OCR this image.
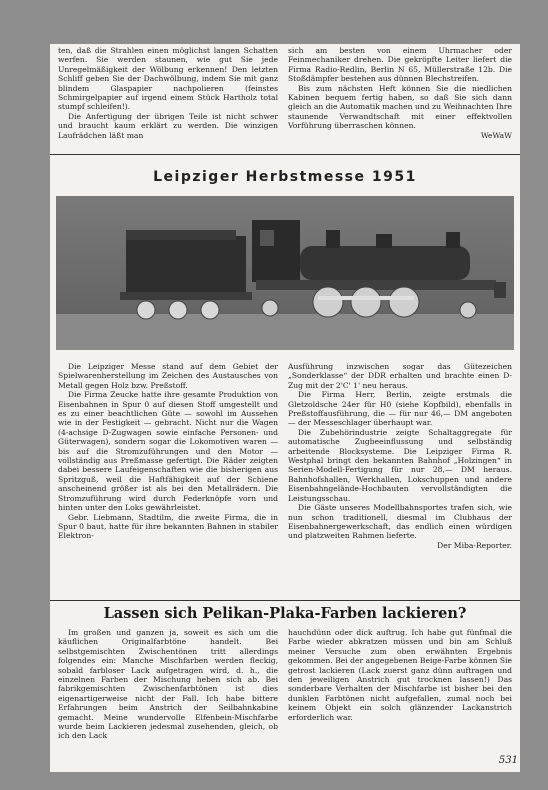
ten, daß die Strahlen einen möglichst langen Schatten werfen. Sie werden staunen, wie gut Sie jede Unregelmäßigkeit der Wölbung erkennen! Den letzten Schliff geben Sie der Dachwölbung, indem Sie mit ganz blindem Glaspapier nachpolieren (feinstes Schmirgelpapier auf irgend einem Stück Hartholz total stumpf schleifen!).

Die Anfertigung der übrigen Teile ist nicht schwer und braucht kaum erklärt zu werden. Die winzigen Laufrädchen läßt man

sich am besten von einem Uhrmacher oder Feinmechaniker drehen. Die gekröpfte Leiter liefert die Firma Radio-Redlin, Berlin N 65, Müllerstraße 12b. Die Stoßdämpfer bestehen aus dünnen Blechstreifen.

Bis zum nächsten Heft können Sie die niedlichen Kabinen bequem fertig haben, so daß Sie sich dann gleich an die Automatik machen und zu Weihnachten Ihre staunende Verwandtschaft mit einer effektvollen Vorführung überraschen können.

WeWaW

Leipziger Herbstmesse 1951

Die Leipziger Messe stand auf dem Gebiet der Spielwarenherstellung im Zeichen des Austausches von Metall gegen Holz bzw. Preßstoff.

Die Firma Zeucke hatte ihre gesamte Produktion von Eisenbahnen in Spur 0 auf diesen Stoff umgestellt und es zu einer beachtlichen Güte — sowohl im Aussehen wie in der Festigkeit — gebracht. Nicht nur die Wagen (4-achsige D-Zugwagen sowie einfache Personen- und Güterwagen), sondern sogar die Lokomotiven waren — bis auf die Stromzuführungen und den Motor — vollständig aus Preßmasse gefertigt. Die Räder zeigten dabei bessere Laufeigenschaften wie die bisherigen aus Spritzguß, weil die Haftfähigkeit auf der Schiene anscheinend größer ist als bei den Metallrädern. Die Stromzuführung wird durch Federknöpfe vorn und hinten unter den Loks gewährleistet.

Gebr. Liebmann, Stadtilm, die zweite Firma, die in Spur 0 baut, hatte für ihre bekannten Bahnen in stabiler Elektron-

Ausführung inzwischen sogar das Gütezeichen „Sonderklasse“ der DDR erhalten und brachte einen D-Zug mit der 2'C' 1' neu heraus.

Die Firma Herr, Berlin, zeigte erstmals die Gletzoldsche 24er für H0 (siehe Kopfbild), ebenfalls in Preßstoffausführung, die — für nur 46,— DM angeboten — der Messeschlager überhaupt war.

Die Zubehörindustrie zeigte Schaltaggregate für automatische Zugbeeinflussung und selbständig arbeitende Blocksysteme. Die Leipziger Firma R. Westphal bringt den bekannten Bahnhof „Holzingen“ in Serien-Modell-Fertigung für nur 28,— DM heraus. Bahnhofshallen, Werkhallen, Lokschuppen und andere Eisenbahngelände-Hochbauten vervollständigten die Leistungsschau.

Die Gäste unseres Modellbahnsportes trafen sich, wie nun schon traditionell, diesmal im Clubhaus der Eisenbahnergewerkschaft, das endlich einen würdigen und platzweiten Rahmen lieferte.

Der Miba-Reporter.

Lassen sich Pelikan-Plaka-Farben lackieren?

Im großen und ganzen ja, soweit es sich um die käuflichen Originalfarbtöne handelt. Bei selbstgemischten Zwischentönen tritt allerdings folgendes ein: Manche Mischfarben werden fleckig, sobald farbloser Lack aufgetragen wird, d. h., die einzelnen Farben der Mischung heben sich ab. Bei fabrikgemischten Zwischenfarbtönen ist dies eigenartigerweise nicht der Fall. Ich habe bittere Erfahrungen beim Anstrich der Seilbahnkabine gemacht. Meine wundervolle Elfenbein-Mischfarbe wurde beim Lackieren jedesmal zusehenden, gleich, ob ich den Lack

hauchdünn oder dick auftrug. Ich habe gut fünfmal die Farbe wieder abkratzen müssen und bin am Schluß meiner Versuche zum oben erwähnten Ergebnis gekommen. Bei der angegebenen Beige-Farbe können Sie getrost lackieren (Lack zuerst ganz dünn auftragen und den jeweiligen Anstrich gut trocknen lassen!) Das sonderbare Verhalten der Mischfarbe ist bisher bei den dunklen Farbtönen nicht aufgefallen, zumal noch bei keinem Objekt ein solch glänzender Lackanstrich erforderlich war.

531
